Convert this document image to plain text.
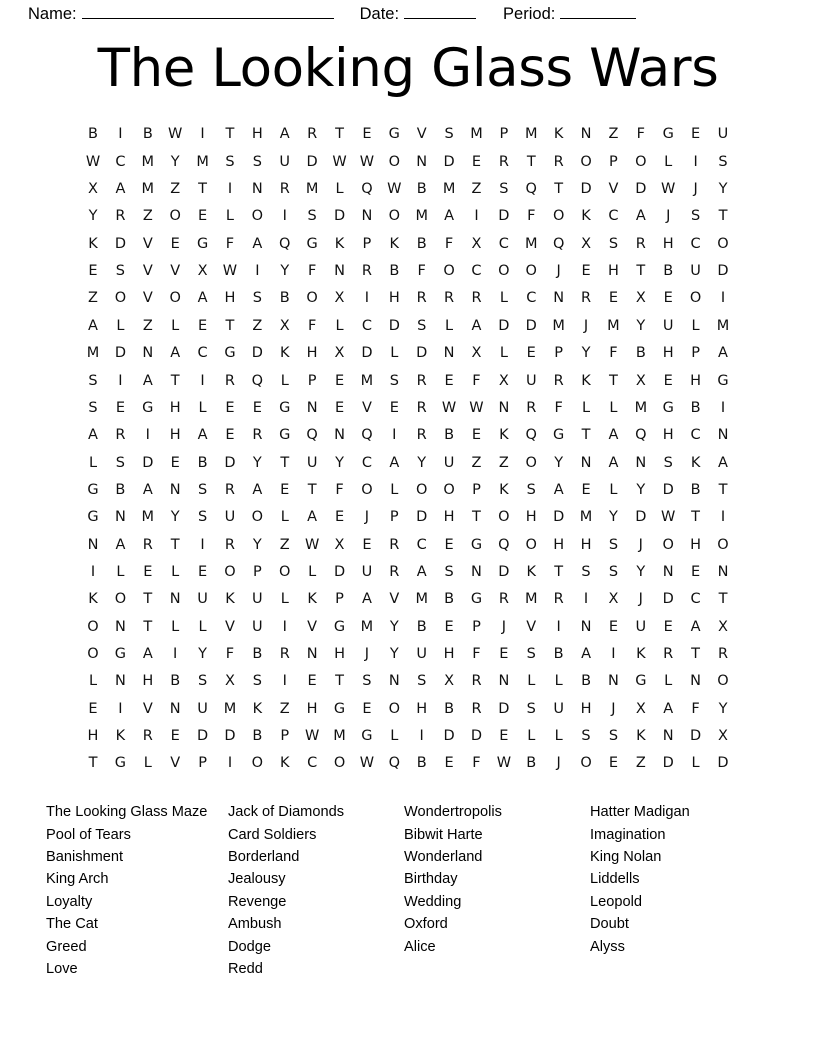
Name:	Date:	Period:
The Looking Glass Wars
B	I	B	W	I	T	H	A	R	T	E	G	V	S	M	P	M	K	N	Z	F	G	E	U
W	C	M	Y	M	S	S	U	D	W W	O	N	D	E	R	T	R	O	P	O	L	I	S
X	A	M	Z	T	I	N	R	M	L	Q	W	B	M	Z	S	Q	T	D	V	D	W	J	Y
Y	R	Z	O	E	L	O	I	S	D	N	O	M	A	I	D	F	O	K	C	A	J	S	T
K	D	V	E	G	F	A	Q	G	K	P	K	B	F	X	C	M	Q	X	S	R	H	C	O
E	S	V	V	X	W	I	Y	F	N	R	B	F	O	C	O	O	J	E	H	T	B	U	D
Z	O	V	O	A	H	S	B	O	X	I	H	R	R	R	L	C	N	R	E	X	E	O	I
A	L	Z	L	E	T	Z	X	F	L	C	D	S	L	A	D	D	M	J	M	Y	U	L	M
M	D	N	A	C	G	D	K	H	X	D	L	D	N	X	L	E	P	Y	F	B	H	P	A
S	I	A	T	I	R	Q	L	P	E	M	S	R	E	F	X	U	R	K	T	X	E	H	G
S	E	G	H	L	E	E	G	N	E	V	E	R	W W	N	R	F	L	L	M	G	B	I
A	R	I	H	A	E	R	G	Q	N	Q	I	R	B	E	K	Q	G	T	A	Q	H	C	N
L	S	D	E	B	D	Y	T	U	Y	C	A	Y	U	Z	Z	O	Y	N	A	N	S	K	A
G	B	A	N	S	R	A	E	T	F	O	L	O	O	P	K	S	A	E	L	Y	D	B	T
G	N	M	Y	S	U	O	L	A	E	J	P	D	H	T	O	H	D	M	Y	D	W	T	I
N	A	R	T	I	R	Y	Z	W	X	E	R	C	E	G	Q	O	H	H	S	J	O	H	O
I	L	E	L	E	O	P	O	L	D	U	R	A	S	N	D	K	T	S	S	Y	N	E	N
K	O	T	N	U	K	U	L	K	P	A	V	M	B	G	R	M	R	I	X	J	D	C	T
O	N	T	L	L	V	U	I	V	G	M	Y	B	E	P	J	V	I	N	E	U	E	A	X
O	G	A	I	Y	F	B	R	N	H	J	Y	U	H	F	E	S	B	A	I	K	R	T	R
L	N	H	B	S	X	S	I	E	T	S	N	S	X	R	N	L	L	B	N	G	L	N	O
E	I	V	N	U	M	K	Z	H	G	E	O	H	B	R	D	S	U	H	J	X	A	F	Y
H	K	R	E	D	D	B	P	W M	G	L	I	D	D	E	L	L	S	S	K	N	D	X
T	G	L	V	P	I	O	K	C	O	W	Q	B	E	F	W	B	J	O	E	Z	D	L	D
The Looking Glass Maze
Pool of Tears
Banishment
King Arch
Loyalty
The Cat
Greed
Love
Jack of Diamonds
Card Soldiers
Borderland
Jealousy
Revenge
Ambush
Dodge
Redd
Wondertropolis
Bibwit Harte
Wonderland
Birthday
Wedding
Oxford
Alice
Hatter Madigan
Imagination
King Nolan
Liddells
Leopold
Doubt
Alyss
